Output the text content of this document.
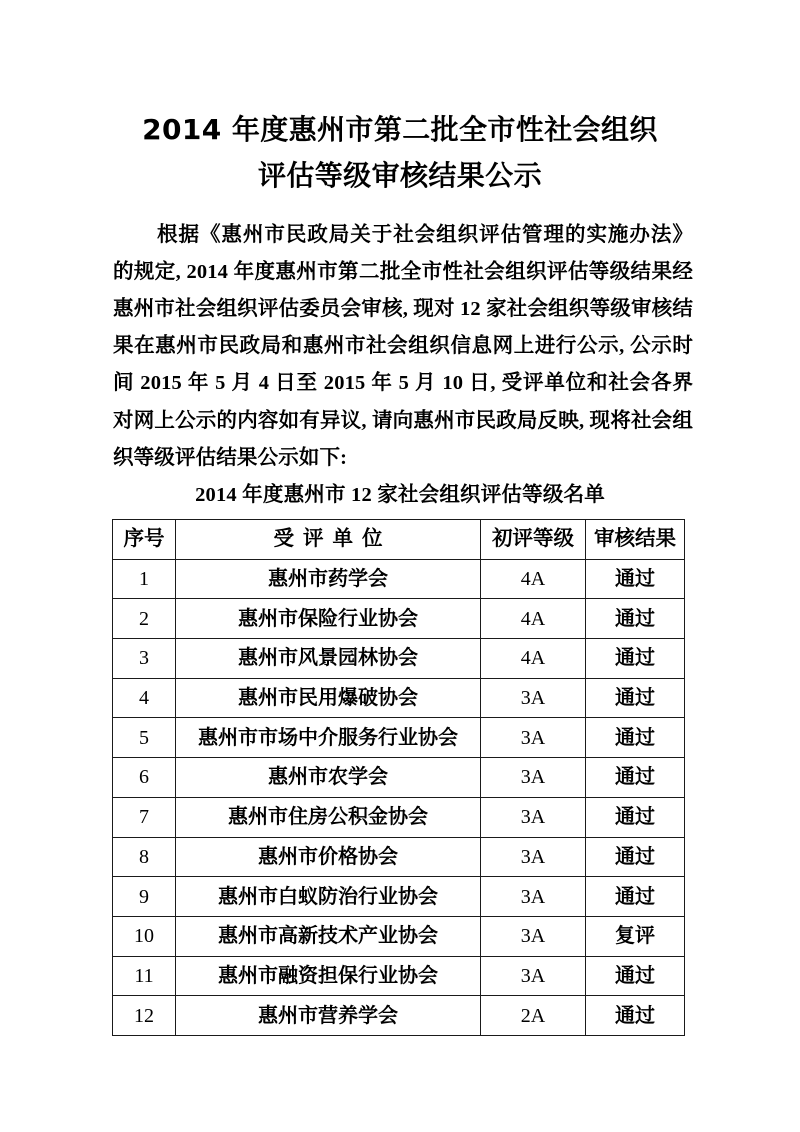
2014 年度惠州市第二批全市性社会组织
评估等级审核结果公示

根据《惠州市民政局关于社会组织评估管理的实施办法》的规定, 2014 年度惠州市第二批全市性社会组织评估等级结果经惠州市社会组织评估委员会审核, 现对 12 家社会组织等级审核结果在惠州市民政局和惠州市社会组织信息网上进行公示, 公示时间 2015 年 5 月 4 日至 2015 年 5 月 10 日, 受评单位和社会各界对网上公示的内容如有异议, 请向惠州市民政局反映, 现将社会组织等级评估结果公示如下:

2014 年度惠州市 12 家社会组织评估等级名单
序号	受评单位	初评等级	审核结果
1	惠州市药学会	4A	通过
2	惠州市保险行业协会	4A	通过
3	惠州市风景园林协会	4A	通过
4	惠州市民用爆破协会	3A	通过
5	惠州市市场中介服务行业协会	3A	通过
6	惠州市农学会	3A	通过
7	惠州市住房公积金协会	3A	通过
8	惠州市价格协会	3A	通过
9	惠州市白蚁防治行业协会	3A	通过
10	惠州市高新技术产业协会	3A	复评
11	惠州市融资担保行业协会	3A	通过
12	惠州市营养学会	2A	通过
